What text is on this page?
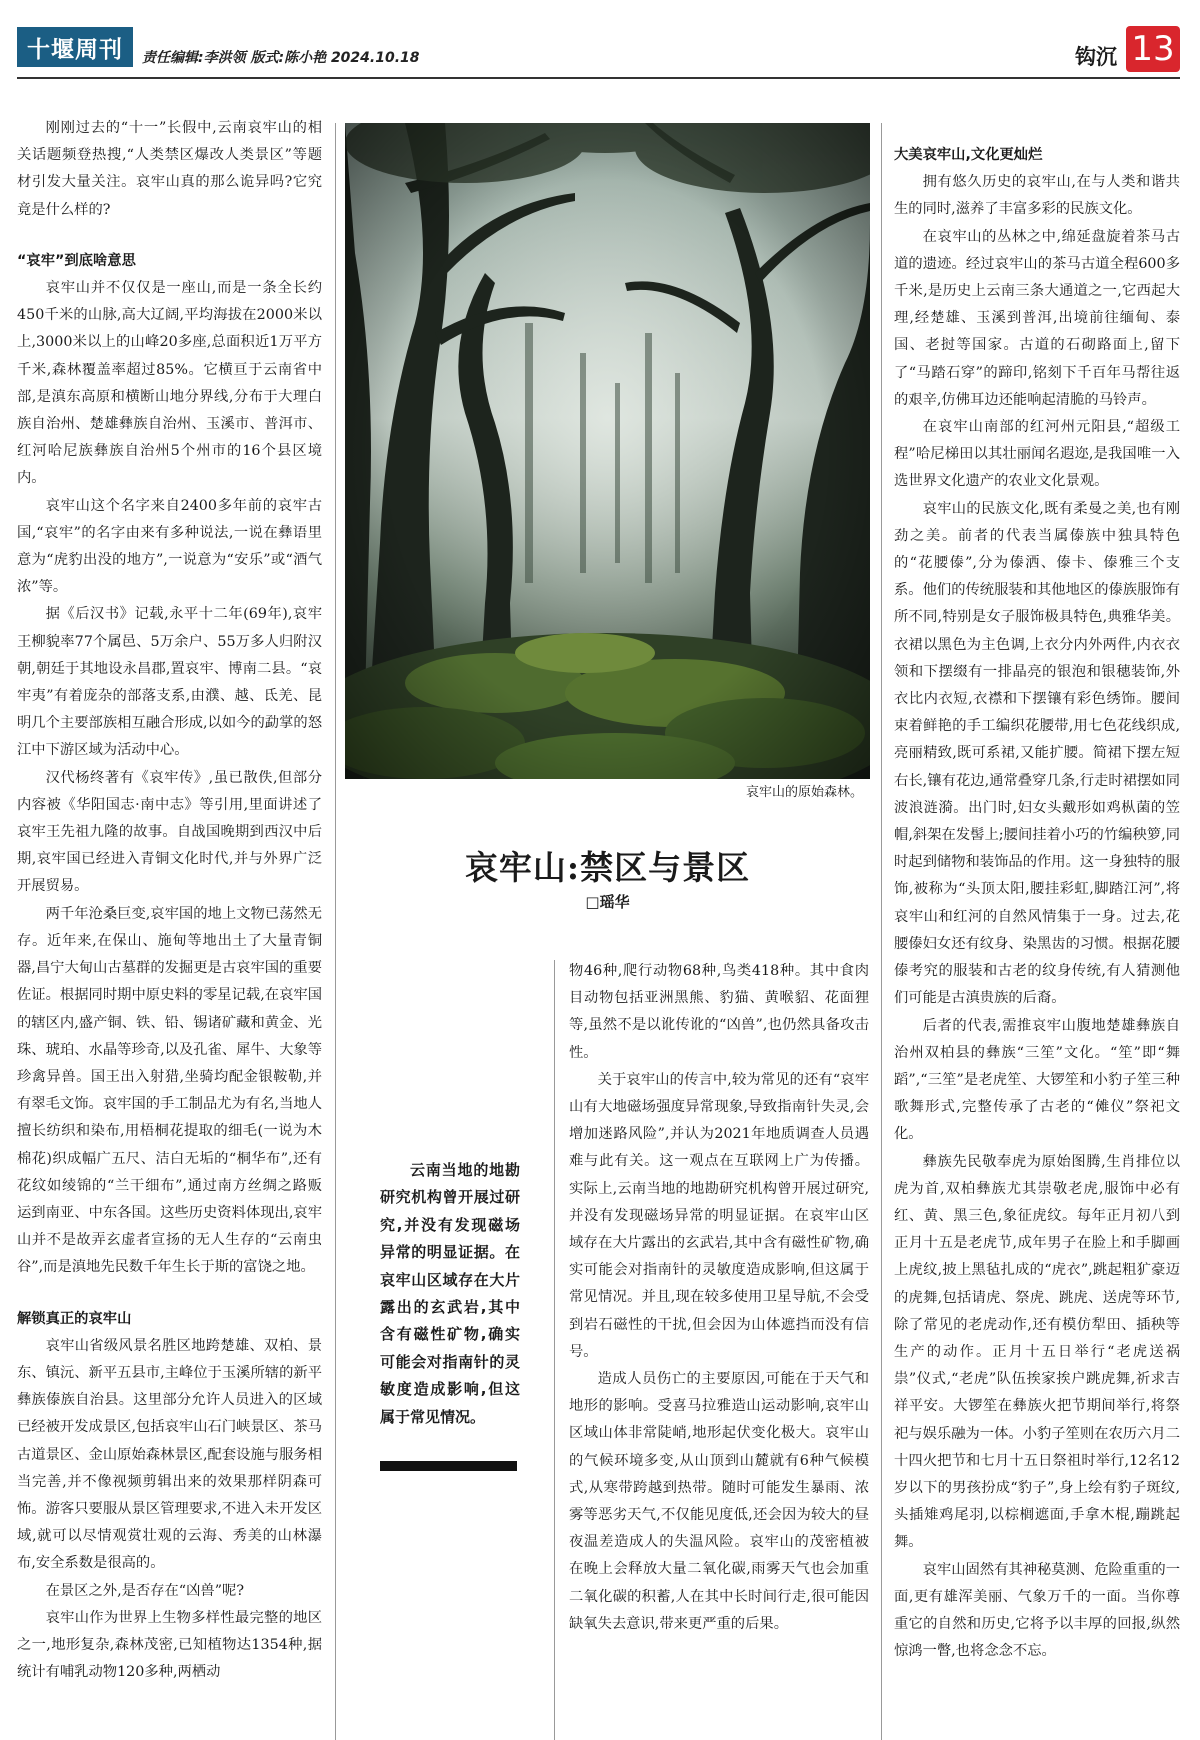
十堰周刊	责任编辑:李洪领 版式:陈小艳 2024.10.18	钩沉 13

刚刚过去的“十一”长假中,云南哀牢山的相关话题频登热搜,“人类禁区爆改人类景区”等题材引发大量关注。哀牢山真的那么诡异吗?它究竟是什么样的?

“哀牢”到底啥意思

哀牢山并不仅仅是一座山,而是一条全长约450千米的山脉,高大辽阔,平均海拔在2000米以上,3000米以上的山峰20多座,总面积近1万平方千米,森林覆盖率超过85%。它横亘于云南省中部,是滇东高原和横断山地分界线,分布于大理白族自治州、楚雄彝族自治州、玉溪市、普洱市、红河哈尼族彝族自治州5个州市的16个县区境内。

哀牢山这个名字来自2400多年前的哀牢古国,“哀牢”的名字由来有多种说法,一说在彝语里意为“虎豹出没的地方”,一说意为“安乐”或“酒气浓”等。

据《后汉书》记载,永平十二年(69年),哀牢王柳貌率77个属邑、5万余户、55万多人归附汉朝,朝廷于其地设永昌郡,置哀牢、博南二县。“哀牢夷”有着庞杂的部落支系,由濮、越、氐羌、昆明几个主要部族相互融合形成,以如今的勐掌的怒江中下游区域为活动中心。

汉代杨终著有《哀牢传》,虽已散佚,但部分内容被《华阳国志·南中志》等引用,里面讲述了哀牢王先祖九隆的故事。自战国晚期到西汉中后期,哀牢国已经进入青铜文化时代,并与外界广泛开展贸易。

两千年沧桑巨变,哀牢国的地上文物已荡然无存。近年来,在保山、施甸等地出土了大量青铜器,昌宁大甸山古墓群的发掘更是古哀牢国的重要佐证。根据同时期中原史料的零星记载,在哀牢国的辖区内,盛产铜、铁、铅、锡诸矿藏和黄金、光珠、琥珀、水晶等珍奇,以及孔雀、犀牛、大象等珍禽异兽。国王出入射猎,坐骑均配金银鞍勒,并有翠毛文饰。哀牢国的手工制品尤为有名,当地人擅长纺织和染布,用梧桐花提取的细毛(一说为木棉花)织成幅广五尺、洁白无垢的“桐华布”,还有花纹如绫锦的“兰干细布”,通过南方丝绸之路贩运到南亚、中东各国。这些历史资料体现出,哀牢山并不是故弄玄虚者宣扬的无人生存的“云南虫谷”,而是滇地先民数千年生长于斯的富饶之地。

解锁真正的哀牢山

哀牢山省级风景名胜区地跨楚雄、双柏、景东、镇沅、新平五县市,主峰位于玉溪所辖的新平彝族傣族自治县。这里部分允许人员进入的区域已经被开发成景区,包括哀牢山石门峡景区、茶马古道景区、金山原始森林景区,配套设施与服务相当完善,并不像视频剪辑出来的效果那样阴森可怖。游客只要服从景区管理要求,不进入未开发区域,就可以尽情观赏壮观的云海、秀美的山林瀑布,安全系数是很高的。

在景区之外,是否存在“凶兽”呢?

哀牢山作为世界上生物多样性最完整的地区之一,地形复杂,森林茂密,已知植物达1354种,据统计有哺乳动物120多种,两栖动

哀牢山的原始森林。
哀牢山:禁区与景区
□瑶华

云南当地的地勘研究机构曾开展过研究,并没有发现磁场异常的明显证据。在哀牢山区域存在大片露出的玄武岩,其中含有磁性矿物,确实可能会对指南针的灵敏度造成影响,但这属于常见情况。

物46种,爬行动物68种,鸟类418种。其中食肉目动物包括亚洲黑熊、豹猫、黄喉貂、花面狸等,虽然不是以讹传讹的“凶兽”,也仍然具备攻击性。

关于哀牢山的传言中,较为常见的还有“哀牢山有大地磁场强度异常现象,导致指南针失灵,会增加迷路风险”,并认为2021年地质调查人员遇难与此有关。这一观点在互联网上广为传播。实际上,云南当地的地勘研究机构曾开展过研究,并没有发现磁场异常的明显证据。在哀牢山区域存在大片露出的玄武岩,其中含有磁性矿物,确实可能会对指南针的灵敏度造成影响,但这属于常见情况。并且,现在较多使用卫星导航,不会受到岩石磁性的干扰,但会因为山体遮挡而没有信号。

造成人员伤亡的主要原因,可能在于天气和地形的影响。受喜马拉雅造山运动影响,哀牢山区域山体非常陡峭,地形起伏变化极大。哀牢山的气候环境多变,从山顶到山麓就有6种气候模式,从寒带跨越到热带。随时可能发生暴雨、浓雾等恶劣天气,不仅能见度低,还会因为较大的昼夜温差造成人的失温风险。哀牢山的茂密植被在晚上会释放大量二氧化碳,雨雾天气也会加重二氧化碳的积蓄,人在其中长时间行走,很可能因缺氧失去意识,带来更严重的后果。

大美哀牢山,文化更灿烂

拥有悠久历史的哀牢山,在与人类和谐共生的同时,滋养了丰富多彩的民族文化。

在哀牢山的丛林之中,绵延盘旋着茶马古道的遗迹。经过哀牢山的茶马古道全程600多千米,是历史上云南三条大通道之一,它西起大理,经楚雄、玉溪到普洱,出境前往缅甸、泰国、老挝等国家。古道的石砌路面上,留下了“马踏石穿”的蹄印,铭刻下千百年马帮往返的艰辛,仿佛耳边还能响起清脆的马铃声。

在哀牢山南部的红河州元阳县,“超级工程”哈尼梯田以其壮丽闻名遐迩,是我国唯一入选世界文化遗产的农业文化景观。

哀牢山的民族文化,既有柔曼之美,也有刚劲之美。前者的代表当属傣族中独具特色的“花腰傣”,分为傣洒、傣卡、傣雅三个支系。他们的传统服装和其他地区的傣族服饰有所不同,特别是女子服饰极具特色,典雅华美。衣裙以黑色为主色调,上衣分内外两件,内衣衣领和下摆缀有一排晶亮的银泡和银穗装饰,外衣比内衣短,衣襟和下摆镶有彩色绣饰。腰间束着鲜艳的手工编织花腰带,用七色花线织成,亮丽精致,既可系裙,又能扩腰。简裙下摆左短右长,镶有花边,通常叠穿几条,行走时裙摆如同波浪涟漪。出门时,妇女头戴形如鸡枞菌的笠帽,斜架在发髻上;腰间挂着小巧的竹编秧箩,同时起到储物和装饰品的作用。这一身独特的服饰,被称为“头顶太阳,腰挂彩虹,脚踏江河”,将哀牢山和红河的自然风情集于一身。过去,花腰傣妇女还有纹身、染黑齿的习惯。根据花腰傣考究的服装和古老的纹身传统,有人猜测他们可能是古滇贵族的后裔。

后者的代表,需推哀牢山腹地楚雄彝族自治州双柏县的彝族“三笙”文化。“笙”即“舞蹈”,“三笙”是老虎笙、大锣笙和小豹子笙三种歌舞形式,完整传承了古老的“傩仪”祭祀文化。

彝族先民敬奉虎为原始图腾,生肖排位以虎为首,双柏彝族尤其崇敬老虎,服饰中必有红、黄、黑三色,象征虎纹。每年正月初八到正月十五是老虎节,成年男子在脸上和手脚画上虎纹,披上黑毡扎成的“虎衣”,跳起粗犷豪迈的虎舞,包括请虎、祭虎、跳虎、送虎等环节,除了常见的老虎动作,还有模仿犁田、插秧等生产的动作。正月十五日举行“老虎送祸祟”仪式,“老虎”队伍挨家挨户跳虎舞,祈求吉祥平安。大锣笙在彝族火把节期间举行,将祭祀与娱乐融为一体。小豹子笙则在农历六月二十四火把节和七月十五日祭祖时举行,12名12岁以下的男孩扮成“豹子”,身上绘有豹子斑纹,头插雉鸡尾羽,以棕榈遮面,手拿木棍,蹦跳起舞。

哀牢山固然有其神秘莫测、危险重重的一面,更有雄浑美丽、气象万千的一面。当你尊重它的自然和历史,它将予以丰厚的回报,纵然惊鸿一瞥,也将念念不忘。
